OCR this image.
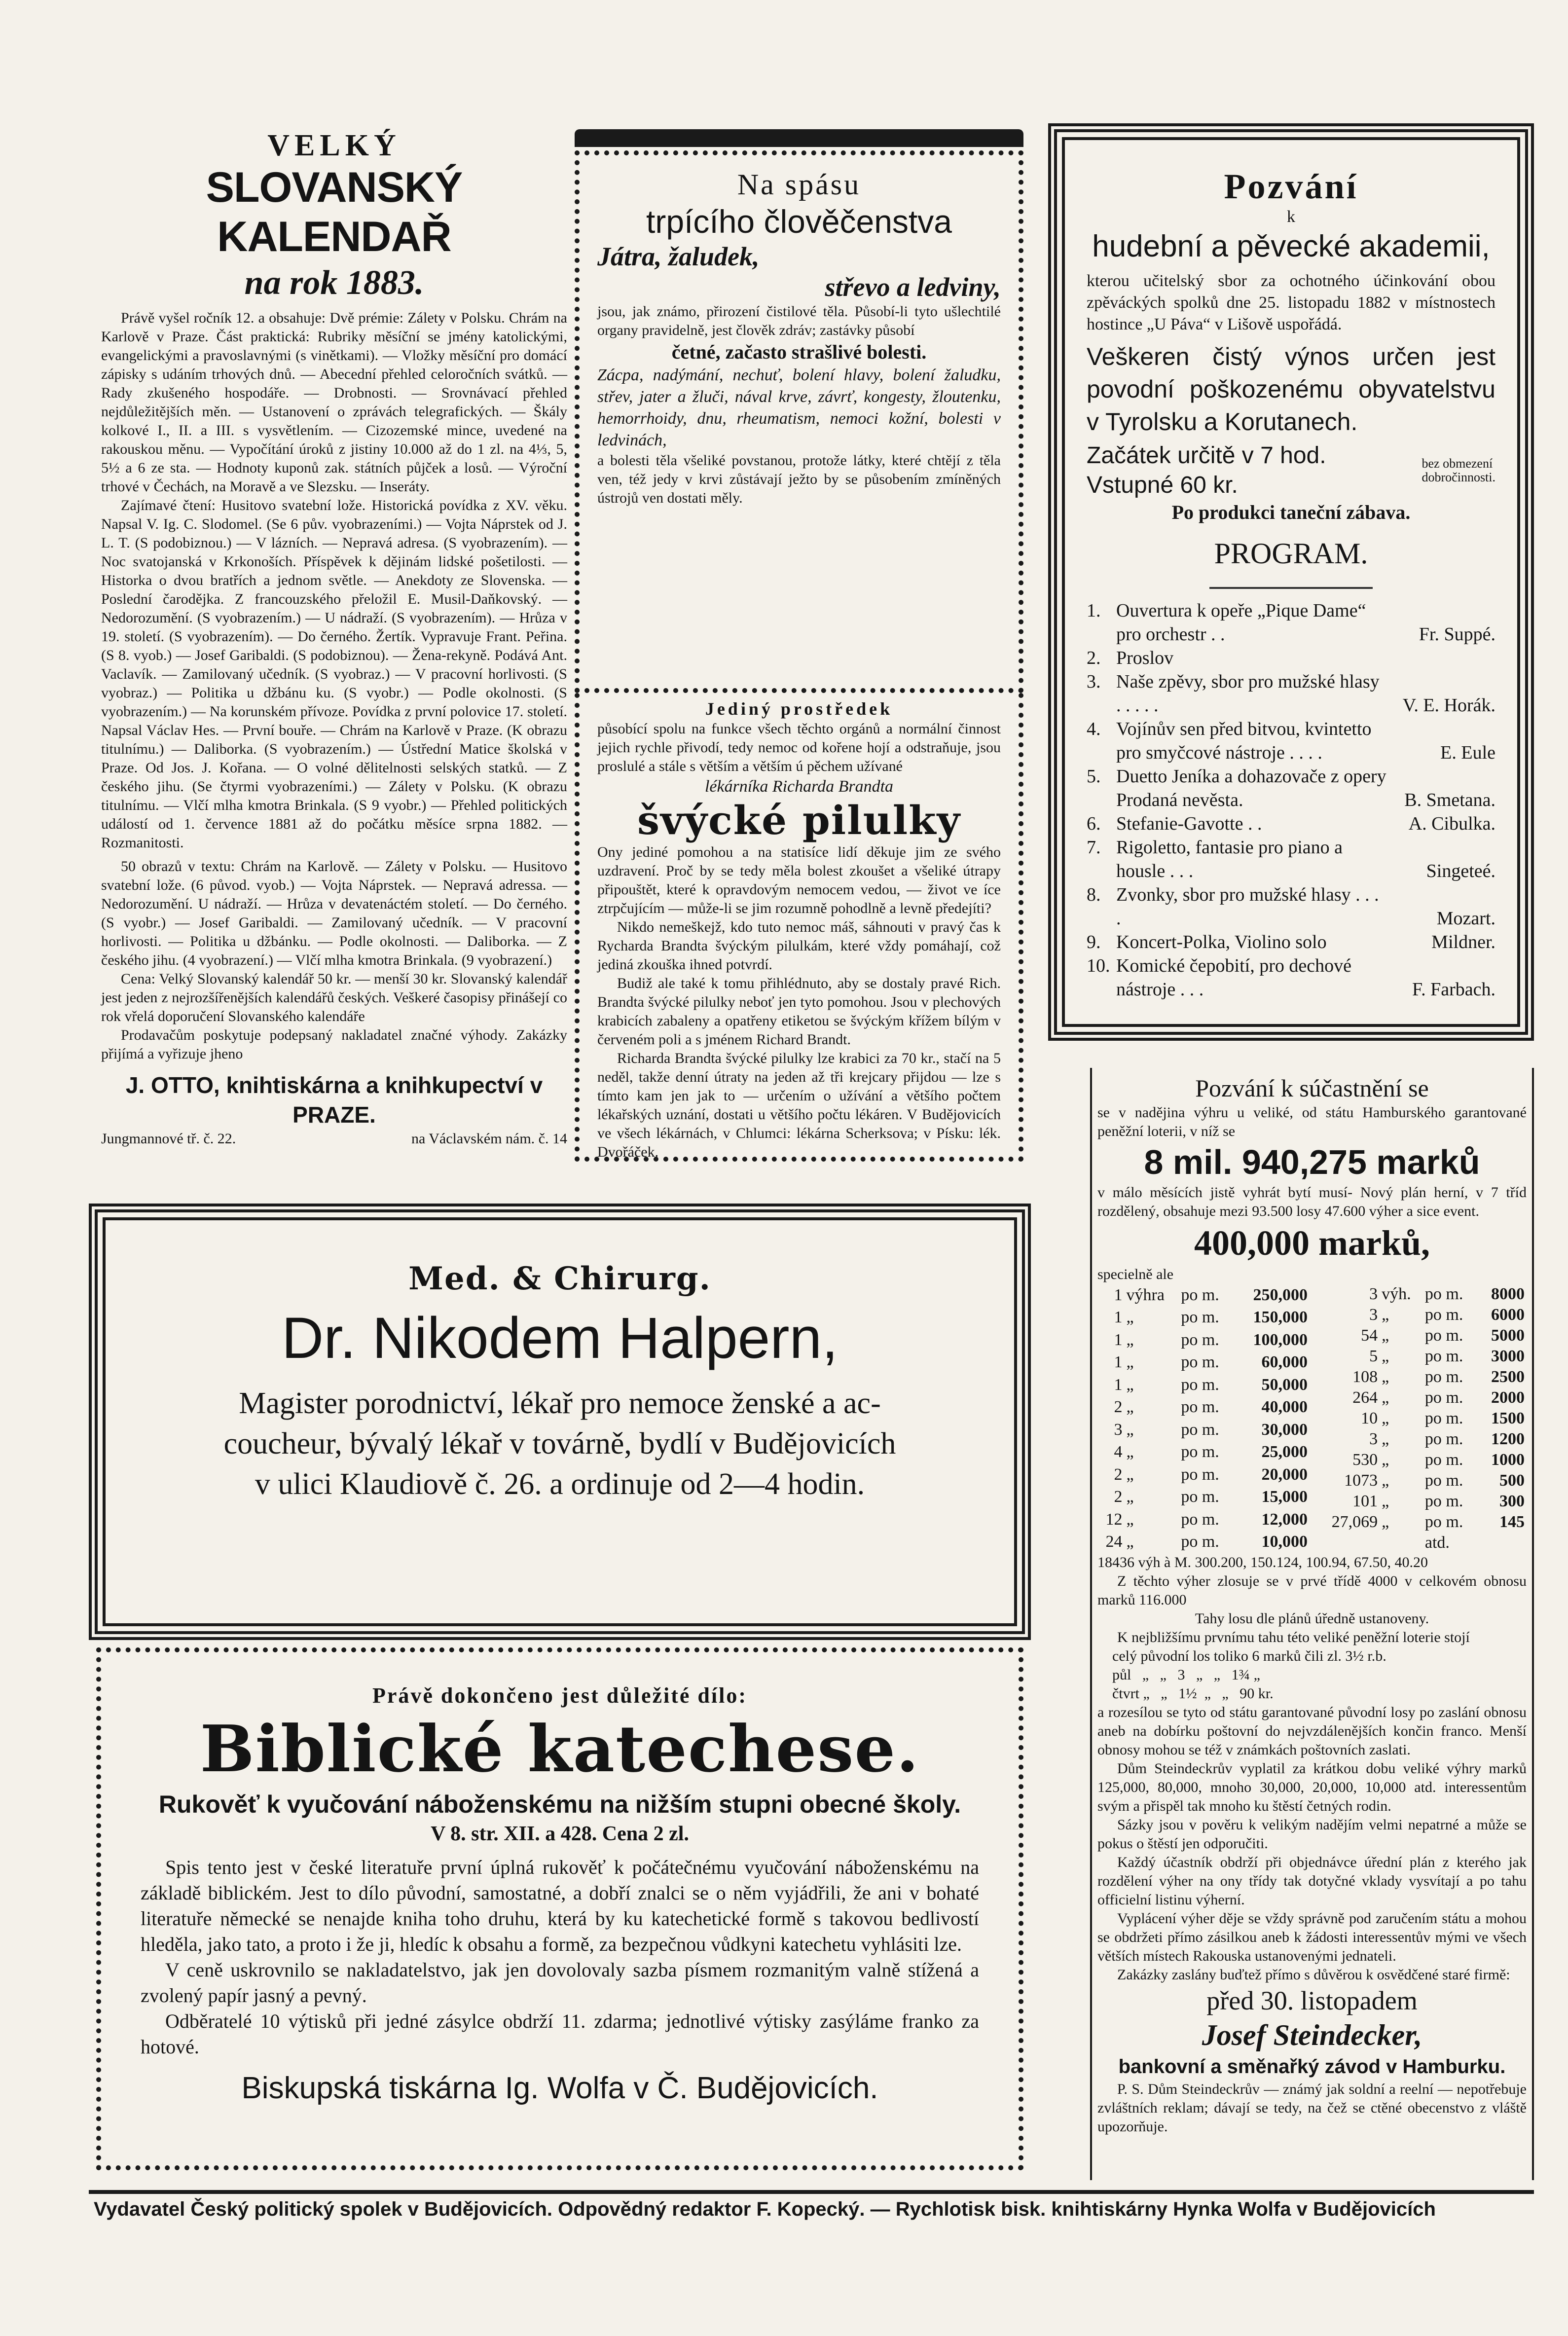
VELKÝ
SLOVANSKÝ KALENDAŘ
na rok 1883.
Právě vyšel ročník 12. a obsahuje: Dvě prémie: Zálety v Polsku. Chrám na Karlově v Praze. Část praktická: Rubriky měsíční se jmény katolickými, evangelickými a pravoslavnými (s vinětkami). — Vložky měsíční pro domácí zápisky s udáním trhových dnů. — Abecední přehled celoročních svátků. — Rady zkušeného hospodáře. — Drobnosti. — Srovnávací přehled nejdůležitějších měn. — Ustanovení o zprávách telegrafických. — Škály kolkové I., II. a III. s vysvětlením. — Cizozemské mince, uvedené na rakouskou měnu. — Vypočítání úroků z jistiny 10.000 až do 1 zl. na 4⅓, 5, 5½ a 6 ze sta. — Hodnoty kuponů zak. státních půjček a losů. — Výroční trhové v Čechách, na Moravě a ve Slezsku. — Inseráty.
Zajímavé čtení: Husitovo svatební lože. Historická povídka z XV. věku. Napsal V. Ig. C. Slodomel. (Se 6 pův. vyobrazeními.) — Vojta Náprstek od J. L. T. (S podobiznou.) — V lázních. — Nepravá adresa. (S vyobrazením). — Noc svatojanská v Krkonoších. Příspěvek k dějinám lidské pošetilosti. — Historka o dvou bratřích a jednom světle. — Anekdoty ze Slovenska. — Poslední čarodějka. Z francouzského přeložil E. Musil-Daňkovský. — Nedorozumění. (S vyobrazením.) — U nádraží. (S vyobrazením). — Hrůza v 19. století. (S vyobrazením). — Do černého. Žertík. Vypravuje Frant. Peřina. (S 8. vyob.) — Josef Garibaldi. (S podobiznou). — Žena-rekyně. Podává Ant. Vaclavík. — Zamilovaný učedník. (S vyobraz.) — V pracovní horlivosti. (S vyobraz.) — Politika u džbánu ku. (S vyobr.) — Podle okolnosti. (S vyobrazením.) — Na korunském přívoze. Povídka z první polovice 17. století. Napsal Václav Hes. — První bouře. — Chrám na Karlově v Praze. (K obrazu titulnímu.) — Daliborka. (S vyobrazením.) — Ústřední Matice školská v Praze. Od Jos. J. Kořana. — O volné dělitelnosti selských statků. — Z českého jihu. (Se čtyrmi vyobrazeními.) — Zálety v Polsku. (K obrazu titulnímu. — Vlčí mlha kmotra Brinkala. (S 9 vyobr.) — Přehled politických událostí od 1. července 1881 až do počátku měsíce srpna 1882. — Rozmanitosti.
50 obrazů v textu: Chrám na Karlově. — Zálety v Polsku. — Husitovo svatební lože. (6 původ. vyob.) — Vojta Náprstek. — Nepravá adressa. — Nedorozumění. U nádraží. — Hrůza v devatenáctém století. — Do černého. (S vyobr.) — Josef Garibaldi. — Zamilovaný učedník. — V pracovní horlivosti. — Politika u džbánku. — Podle okolnosti. — Daliborka. — Z českého jihu. (4 vyobrazení.) — Vlčí mlha kmotra Brinkala. (9 vyobrazení.)
Cena: Velký Slovanský kalendář 50 kr. — menší 30 kr. Slovanský kalendář jest jeden z nejrozšířenějších kalendářů českých. Veškeré časopisy přinášejí co rok vřelá doporučení Slovanského kalendáře
Prodavačům poskytuje podepsaný nakladatel značné výhody. Zakázky přijímá a vyřizuje jheno
J. OTTO, knihtiskárna a knihkupectví v PRAZE.
Jungmannové tř. č. 22.	na Václavském nám. č. 14
Na spásu
trpícího člověčenstva
Játra, žaludek,
střevo a ledviny,
jsou, jak známo, přirození čistilové těla. Působí-li tyto ušlechtilé organy pravidelně, jest člověk zdráv; zastávky působí
četné, začasto strašlivé bolesti.
Zácpa, nadýmání, nechuť, bolení hlavy, bolení žaludku, střev, jater a žluči, nával krve, závrť, kongesty, žloutenku, hemorrhoidy, dnu, rheumatism, nemoci kožní, bolesti v ledvinách,
a bolesti těla všeliké povstanou, protože látky, které chtějí z těla ven, též jedy v krvi zůstávají ježto by se působením zmíněných ústrojů ven dostati měly.
Jediný prostředek
působící spolu na funkce všech těchto orgánů a normální činnost jejich rychle přivodí, tedy nemoc od kořene hojí a odstraňuje, jsou proslulé a stále s větším a větším ú pěchem užívané
lékárníka Richarda Brandta
švýcké pilulky
Ony jediné pomohou a na statisíce lidí děkuje jim ze svého uzdravení. Proč by se tedy měla bolest zkoušet a všeliké útrapy připouštět, které k opravdovým nemocem vedou, — život ve íce ztrpčujícím — může-li se jim rozumně pohodlně a levně předejíti?
Nikdo nemeškejž, kdo tuto nemoc máš, sáhnouti v pravý čas k Rycharda Brandta švýckým pilulkám, které vždy pomáhají, což jediná zkouška ihned potvrdí.
Budiž ale také k tomu přihlédnuto, aby se dostaly pravé Rich. Brandta švýcké pilulky neboť jen tyto pomohou. Jsou v plechových krabicích zabaleny a opatřeny etiketou se švýckým křížem bílým v červeném poli a s jménem Richard Brandt.
Richarda Brandta švýcké pilulky lze krabici za 70 kr., stačí na 5 neděl, takže denní útraty na jeden až tři krejcary přijdou — lze s tímto kam jen jak to — určením o užívání a většího počtem lékařských uznání, dostati u většího počtu lékáren. V Budějovicích ve všech lékárnách, v Chlumci: lékárna Scherksova; v Písku: lék. Dvořáček.
Pozvání
k
hudební a pěvecké akademii,
kterou učitelský sbor za ochotného účinkování obou zpěváckých spolků dne 25. listopadu 1882 v místnostech hostince „U Páva“ v Lišově uspořádá.
Veškeren čistý výnos určen jest povodní poškozenému obyvatelstvu v Tyrolsku a Korutanech.
Začátek určitě v 7 hod. Vstupné 60 kr.
bez obmezení dobročinnosti.
Po produkci taneční zábava.
PROGRAM.
1. Ouvertura k opeře „Pique Dame“ pro orchestr . .	Fr. Suppé.
2. Proslov
3. Naše zpěvy, sbor pro mužské hlasy . . . . .	V. E. Horák.
4. Vojínův sen před bitvou, kvintetto pro smyčcové nástroje . . . .	E. Eule
5. Duetto Jeníka a dohazovače z opery Prodaná nevěsta.	B. Smetana.
6. Stefanie-Gavotte . .	A. Cibulka.
7. Rigoletto, fantasie pro piano a housle . . .	Singeteé.
8. Zvonky, sbor pro mužské hlasy . . . .	Mozart.
9. Koncert-Polka, Violino solo	Mildner.
10. Komické čepobití, pro dechové nástroje . . .	F. Farbach.
Med. & Chirurg.
Dr. Nikodem Halpern,
Magister porodnictví, lékař pro nemoce ženské a ac-
coucheur, bývalý lékař v továrně, bydlí v Budějovicích
v ulici Klaudiově č. 26. a ordinuje od 2—4 hodin.
Právě dokončeno jest důležité dílo:
Biblické katechese.
Rukověť k vyučování náboženskému na nižším stupni obecné školy.
V 8. str. XII. a 428. Cena 2 zl.
Spis tento jest v české literatuře první úplná rukověť k počátečnému vyučování náboženskému na základě biblickém. Jest to dílo původní, samostatné, a dobří znalci se o něm vyjádřili, že ani v bohaté literatuře německé se nenajde kniha toho druhu, která by ku katechetické formě s takovou bedlivostí hleděla, jako tato, a proto i že ji, hledíc k obsahu a formě, za bezpečnou vůdkyni katechetu vyhlásiti lze.
V ceně uskrovnilo se nakladatelstvo, jak jen dovolovaly sazba písmem rozmanitým valně stížená a zvolený papír jasný a pevný.
Odběratelé 10 výtisků při jedné zásylce obdrží 11. zdarma; jednotlivé výtisky zasýláme franko za hotové.
Biskupská tiskárna Ig. Wolfa v Č. Budějovicích.
Pozvání k súčastnění se
se v nadějina výhru u veliké, od státu Hamburského garantované peněžní loterii, v níž se
8 mil. 940,275 marků
v málo měsících jistě vyhrát bytí musí- Nový plán herní, v 7 tříd rozdělený, obsahuje mezi 93.500 losy 47.600 výher a sice event.
400,000 marků,
specielně ale
1	výhra	po m.	250,000
1	„	po m.	150,000
1	„	po m.	100,000
1	„	po m.	60,000
1	„	po m.	50,000
2	„	po m.	40,000
3	„	po m.	30,000
4	„	po m.	25,000
2	„	po m.	20,000
2	„	po m.	15,000
12	„	po m.	12,000
24	„	po m.	10,000
3	výh.	po m.	8000
3	„	po m.	6000
54	„	po m.	5000
5	„	po m.	3000
108	„	po m.	2500
264	„	po m.	2000
10	„	po m.	1500
3	„	po m.	1200
530	„	po m.	1000
1073	„	po m.	500
101	„	po m.	300
27,069	„	po m.	145
		atd.	
18436 výh à M. 300.200, 150.124, 100.94, 67.50, 40.20
Z těchto výher zlosuje se v prvé třídě 4000 v celkovém obnosu marků 116.000
Tahy losu dle plánů úředně ustanoveny.
K nejbližšímu prvnímu tahu této veliké peněžní loterie stojí
celý původní los toliko 6 marků čili zl. 3½ r.b.
půl   „   „   3   „   „   1¾ „
čtvrt „   „   1½  „   „   90 kr.
a rozesílou se tyto od státu garantované původní losy po zaslání obnosu aneb na dobírku poštovní do nejvzdálenějších končin franco. Menší obnosy mohou se též v známkách poštovních zaslati.
Dům Steindeckrův vyplatil za krátkou dobu veliké výhry marků 125,000, 80,000, mnoho 30,000, 20,000, 10,000 atd. interessentům svým a přispěl tak mnoho ku štěstí četných rodin.
Sázky jsou v pověru k velikým nadějím velmi nepatrné a může se pokus o štěstí jen odporučiti.
Každý účastník obdrží při objednávce úřední plán z kterého jak rozdělení výher na ony třídy tak dotyčné vklady vysvítají a po tahu officielní listinu výherní.
Vyplácení výher děje se vždy správně pod zaručením státu a mohou se obdržeti přímo zásilkou aneb k žádosti interessentův mými ve všech větších místech Rakouska ustanovenými jednateli.
Zakázky zaslány buďtež přímo s důvěrou k osvědčené staré firmě:
před 30. listopadem
Josef Steindecker,
bankovní a směnařký závod v Hamburku.
P. S. Dům Steindeckrův — známý jak soldní a reelní — nepotřebuje zvláštních reklam; dávají se tedy, na čež se ctěné obecenstvo z vláště upozorňuje.
Vydavatel Český politický spolek v Budějovicích. Odpovědný redaktor F. Kopecký. — Rychlotisk bisk. knihtiskárny Hynka Wolfa v Budějovicích
